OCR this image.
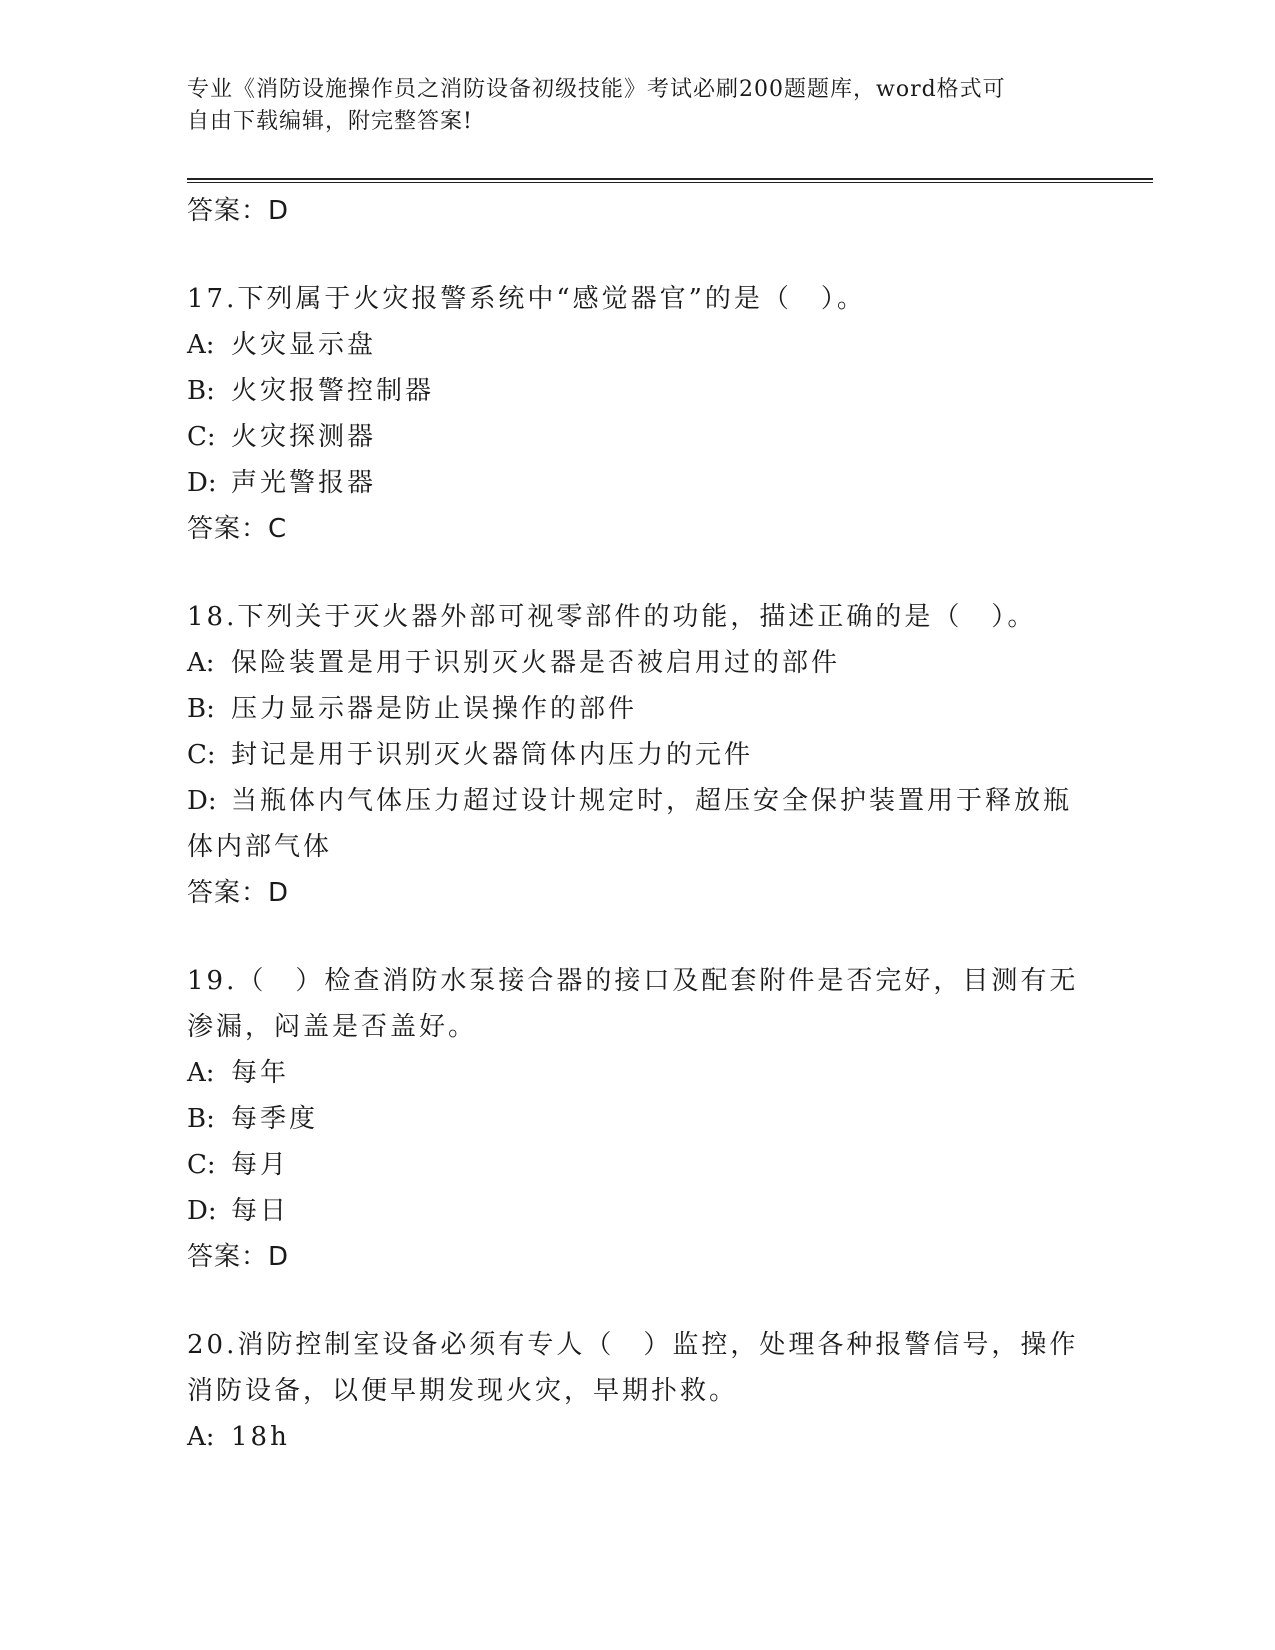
专业《消防设施操作员之消防设备初级技能》考试必刷200题题库，word格式可
自由下载编辑，附完整答案!
答案：D
17.下列属于火灾报警系统中“感觉器官”的是（　）。
A: 火灾显示盘
B: 火灾报警控制器
C: 火灾探测器
D: 声光警报器
答案：C
18.下列关于灭火器外部可视零部件的功能，描述正确的是（　）。
A: 保险装置是用于识别灭火器是否被启用过的部件
B: 压力显示器是防止误操作的部件
C: 封记是用于识别灭火器筒体内压力的元件
D: 当瓶体内气体压力超过设计规定时，超压安全保护装置用于释放瓶体内部气体
答案：D
19.（　）检查消防水泵接合器的接口及配套附件是否完好，目测有无渗漏，闷盖是否盖好。
A: 每年
B: 每季度
C: 每月
D: 每日
答案：D
20.消防控制室设备必须有专人（　）监控，处理各种报警信号，操作消防设备，以便早期发现火灾，早期扑救。
A: 18h
